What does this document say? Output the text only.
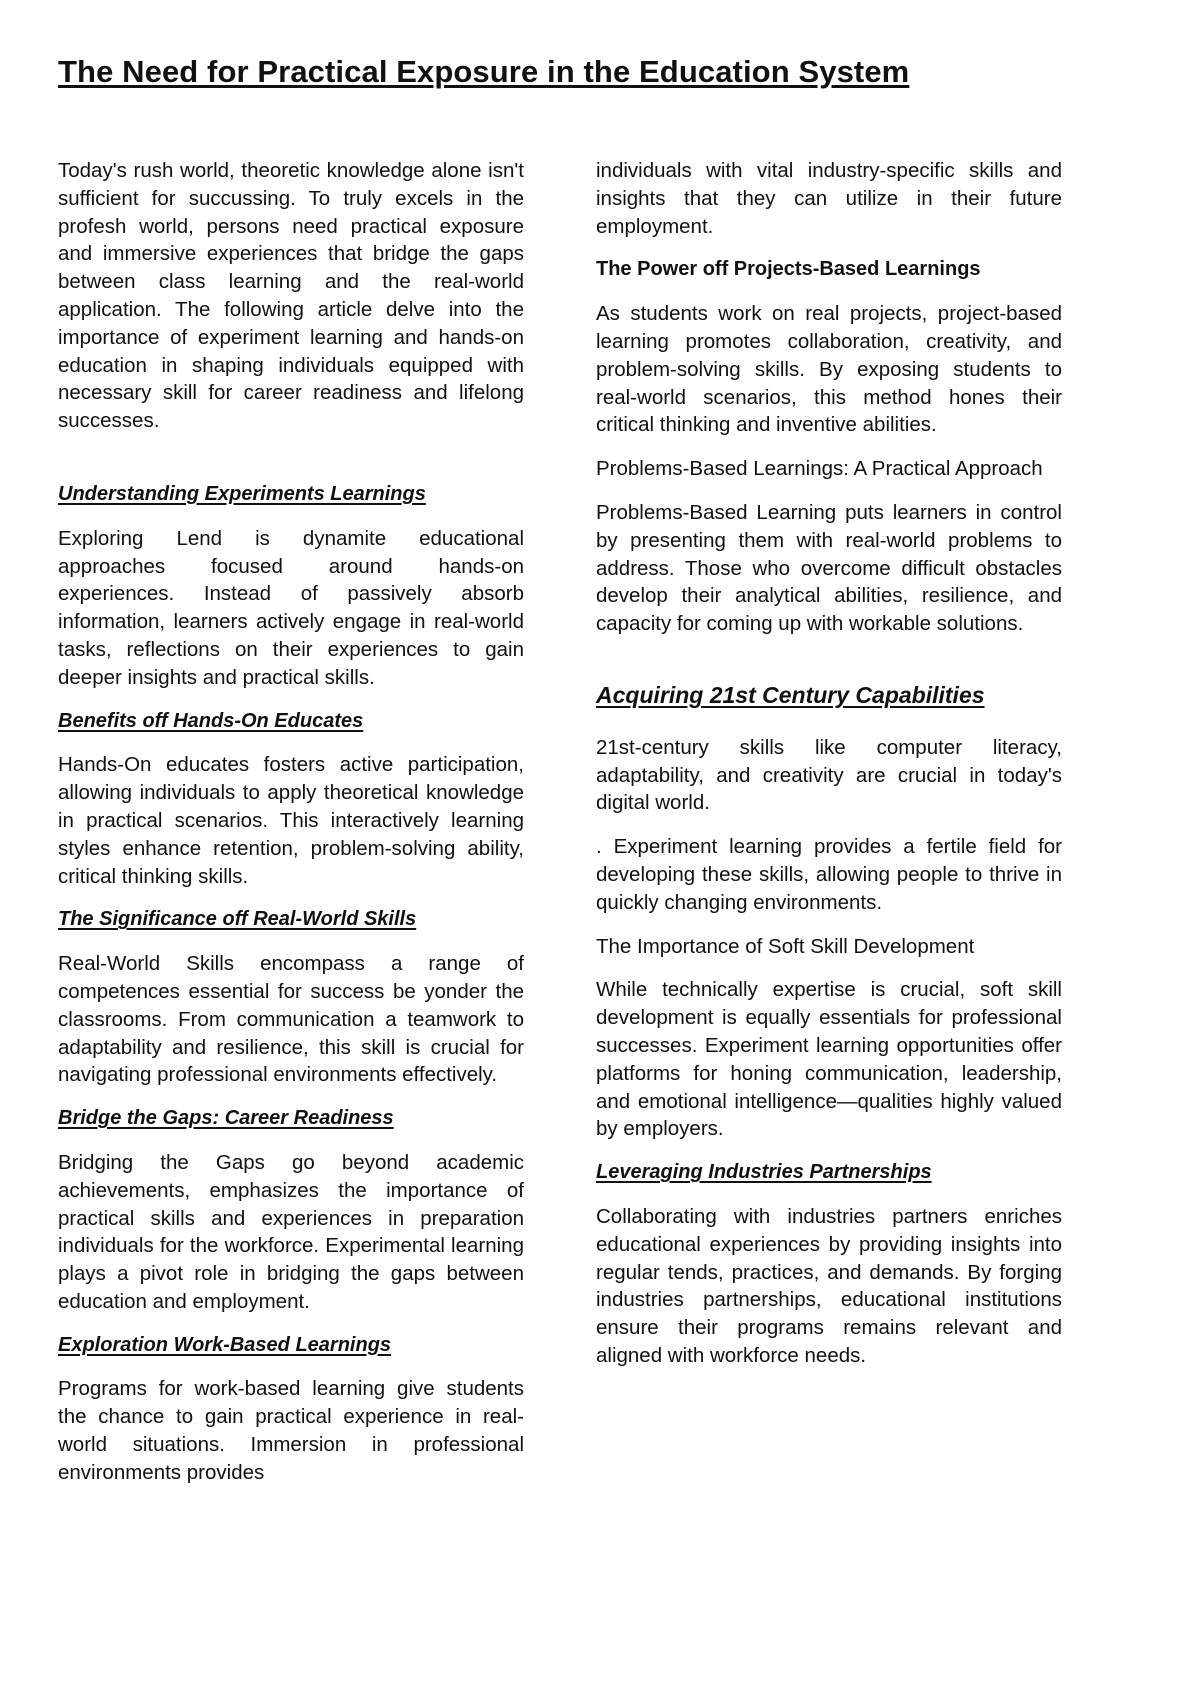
The Need for Practical Exposure in the Education System

Today's rush world, theoretic knowledge alone isn't sufficient for succussing. To truly excels in the profesh world, persons need practical exposure and immersive experiences that bridge the gaps between class learning and the real-world application. The following article delve into the importance of experiment learning and hands-on education in shaping individuals equipped with necessary skill for career readiness and lifelong successes.

Understanding Experiments Learnings

Exploring Lend is dynamite educational approaches focused around hands-on experiences. Instead of passively absorb information, learners actively engage in real-world tasks, reflections on their experiences to gain deeper insights and practical skills.

Benefits off Hands-On Educates

Hands-On educates fosters active participation, allowing individuals to apply theoretical knowledge in practical scenarios. This interactively learning styles enhance retention, problem-solving ability, critical thinking skills.

The Significance off Real-World Skills

Real-World Skills encompass a range of competences essential for success be yonder the classrooms. From communication a teamwork to adaptability and resilience, this skill is crucial for navigating professional environments effectively.

Bridge the Gaps: Career Readiness

Bridging the Gaps go beyond academic achievements, emphasizes the importance of practical skills and experiences in preparation individuals for the workforce. Experimental learning plays a pivot role in bridging the gaps between education and employment.

Exploration Work-Based Learnings

Programs for work-based learning give students the chance to gain practical experience in real-world situations. Immersion in professional environments provides

individuals with vital industry-specific skills and insights that they can utilize in their future employment.

The Power off Projects-Based Learnings

As students work on real projects, project-based learning promotes collaboration, creativity, and problem-solving skills. By exposing students to real-world scenarios, this method hones their critical thinking and inventive abilities.

Problems-Based Learnings: A Practical Approach

Problems-Based Learning puts learners in control by presenting them with real-world problems to address. Those who overcome difficult obstacles develop their analytical abilities, resilience, and capacity for coming up with workable solutions.

Acquiring 21st Century Capabilities

21st-century skills like computer literacy, adaptability, and creativity are crucial in today's digital world.

. Experiment learning provides a fertile field for developing these skills, allowing people to thrive in quickly changing environments.

The Importance of Soft Skill Development

While technically expertise is crucial, soft skill development is equally essentials for professional successes. Experiment learning opportunities offer platforms for honing communication, leadership, and emotional intelligence—qualities highly valued by employers.

Leveraging Industries Partnerships

Collaborating with industries partners enriches educational experiences by providing insights into regular tends, practices, and demands. By forging industries partnerships, educational institutions ensure their programs remains relevant and aligned with workforce needs.
